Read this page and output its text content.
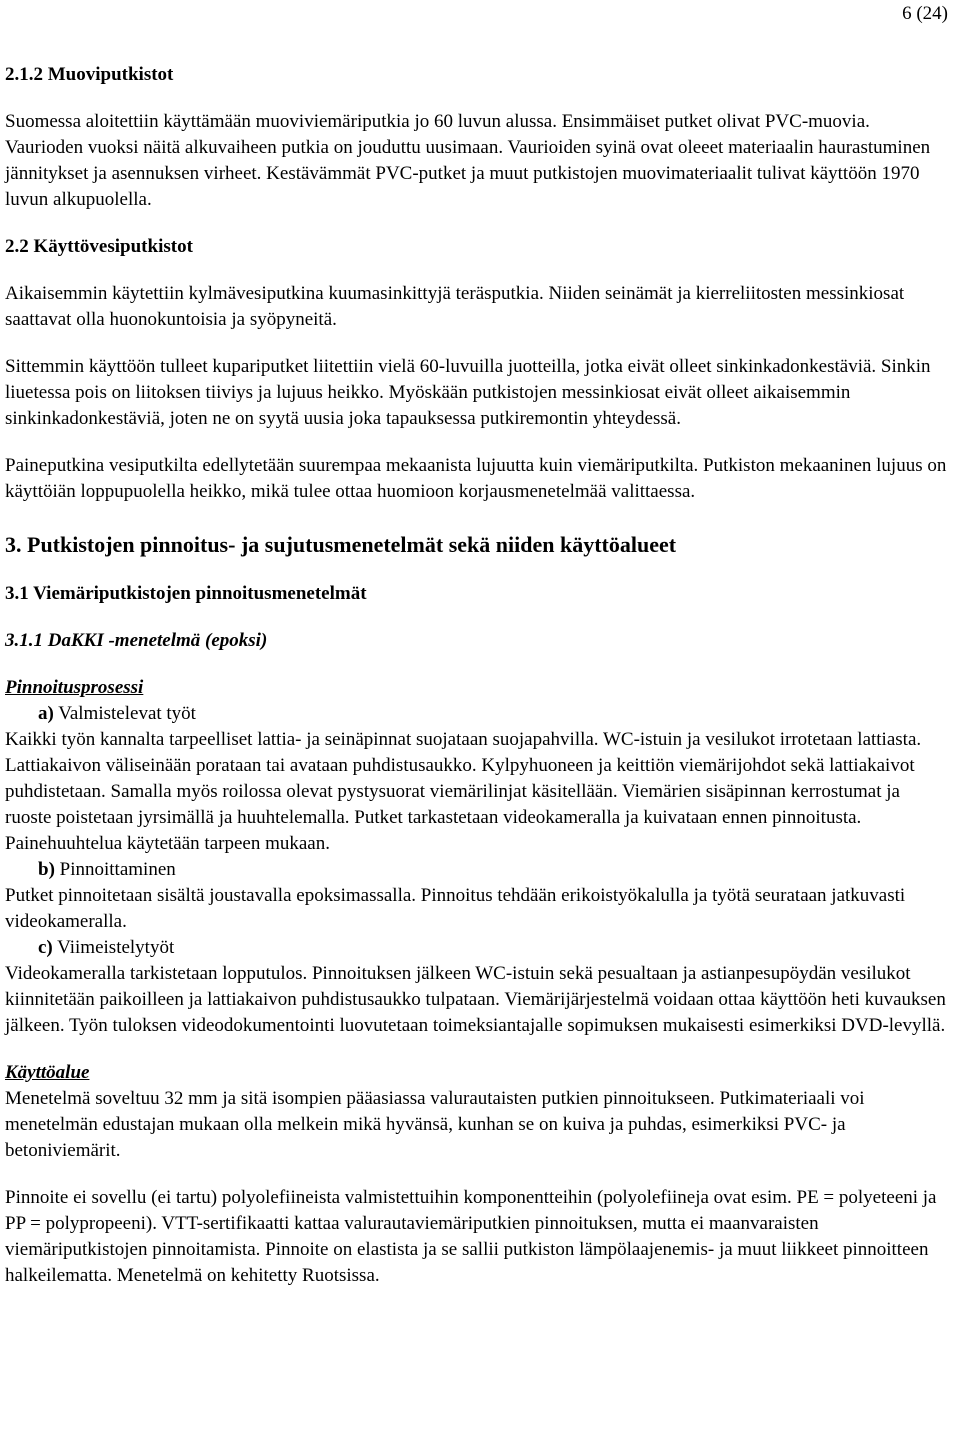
6 (24)
2.1.2 Muoviputkistot

Suomessa aloitettiin käyttämään muoviviemäriputkia jo 60 luvun alussa. Ensimmäiset putket olivat PVC-muovia. Vaurioden vuoksi näitä alkuvaiheen putkia on jouduttu uusimaan. Vaurioiden syinä ovat oleeet materiaalin haurastuminen jännitykset ja asennuksen virheet. Kestävämmät PVC-putket ja muut putkistojen muovimateriaalit tulivat käyttöön 1970 luvun alkupuolella.

2.2 Käyttövesiputkistot

Aikaisemmin käytettiin kylmävesiputkina kuumasinkittyjä teräsputkia. Niiden seinämät ja kierreliitosten messinkiosat saattavat olla huonokuntoisia ja syöpyneitä.

Sittemmin käyttöön tulleet kupariputket liitettiin vielä 60-luvuilla juotteilla, jotka eivät olleet sinkinkadonkestäviä. Sinkin liuetessa pois on liitoksen tiiviys ja lujuus heikko. Myöskään putkistojen messinkiosat eivät olleet aikaisemmin sinkinkadonkestäviä, joten ne on syytä uusia joka tapauksessa putkiremontin yhteydessä.

Paineputkina vesiputkilta edellytetään suurempaa mekaanista lujuutta kuin viemäriputkilta. Putkiston mekaaninen lujuus on käyttöiän loppupuolella heikko, mikä tulee ottaa huomioon korjausmenetelmää valittaessa.

3. Putkistojen pinnoitus- ja sujutusmenetelmät sekä niiden käyttöalueet
3.1 Viemäriputkistojen pinnoitusmenetelmät

3.1.1 DaKKI -menetelmä (epoksi)

Pinnoitusprosessi

a) Valmistelevat työt

Kaikki työn kannalta tarpeelliset lattia- ja seinäpinnat suojataan suojapahvilla. WC-istuin ja vesilukot irrotetaan lattiasta. Lattiakaivon väliseinään porataan tai avataan puhdistusaukko. Kylpyhuoneen ja keittiön viemärijohdot sekä lattiakaivot puhdistetaan. Samalla myös roilossa olevat pystysuorat viemärilinjat käsitellään. Viemärien sisäpinnan kerrostumat ja ruoste poistetaan jyrsimällä ja huuhtelemalla. Putket tarkastetaan videokameralla ja kuivataan ennen pinnoitusta. Painehuuhtelua käytetään tarpeen mukaan.

b) Pinnoittaminen

Putket pinnoitetaan sisältä joustavalla epoksimassalla. Pinnoitus tehdään erikoistyökalulla ja työtä seurataan jatkuvasti videokameralla.

c) Viimeistelytyöt

Videokameralla tarkistetaan lopputulos. Pinnoituksen jälkeen WC-istuin sekä pesualtaan ja astianpesupöydän vesilukot kiinnitetään paikoilleen ja lattiakaivon puhdistusaukko tulpataan. Viemärijärjestelmä voidaan ottaa käyttöön heti kuvauksen jälkeen. Työn tuloksen videodokumentointi luovutetaan toimeksiantajalle sopimuksen mukaisesti esimerkiksi DVD-levyllä.

Käyttöalue

Menetelmä soveltuu 32 mm ja sitä isompien pääasiassa valurautaisten putkien pinnoitukseen. Putkimateriaali voi menetelmän edustajan mukaan olla melkein mikä hyvänsä, kunhan se on kuiva ja puhdas, esimerkiksi PVC- ja betoniviemärit.

Pinnoite ei sovellu (ei tartu) polyolefiineista valmistettuihin komponentteihin (polyolefiineja ovat esim. PE = polyeteeni ja PP = polypropeeni). VTT-sertifikaatti kattaa valurautaviemäriputkien pinnoituksen, mutta ei maanvaraisten viemäriputkistojen pinnoitamista. Pinnoite on elastista ja se sallii putkiston lämpölaajenemis- ja muut liikkeet pinnoitteen halkeilematta. Menetelmä on kehitetty Ruotsissa.
